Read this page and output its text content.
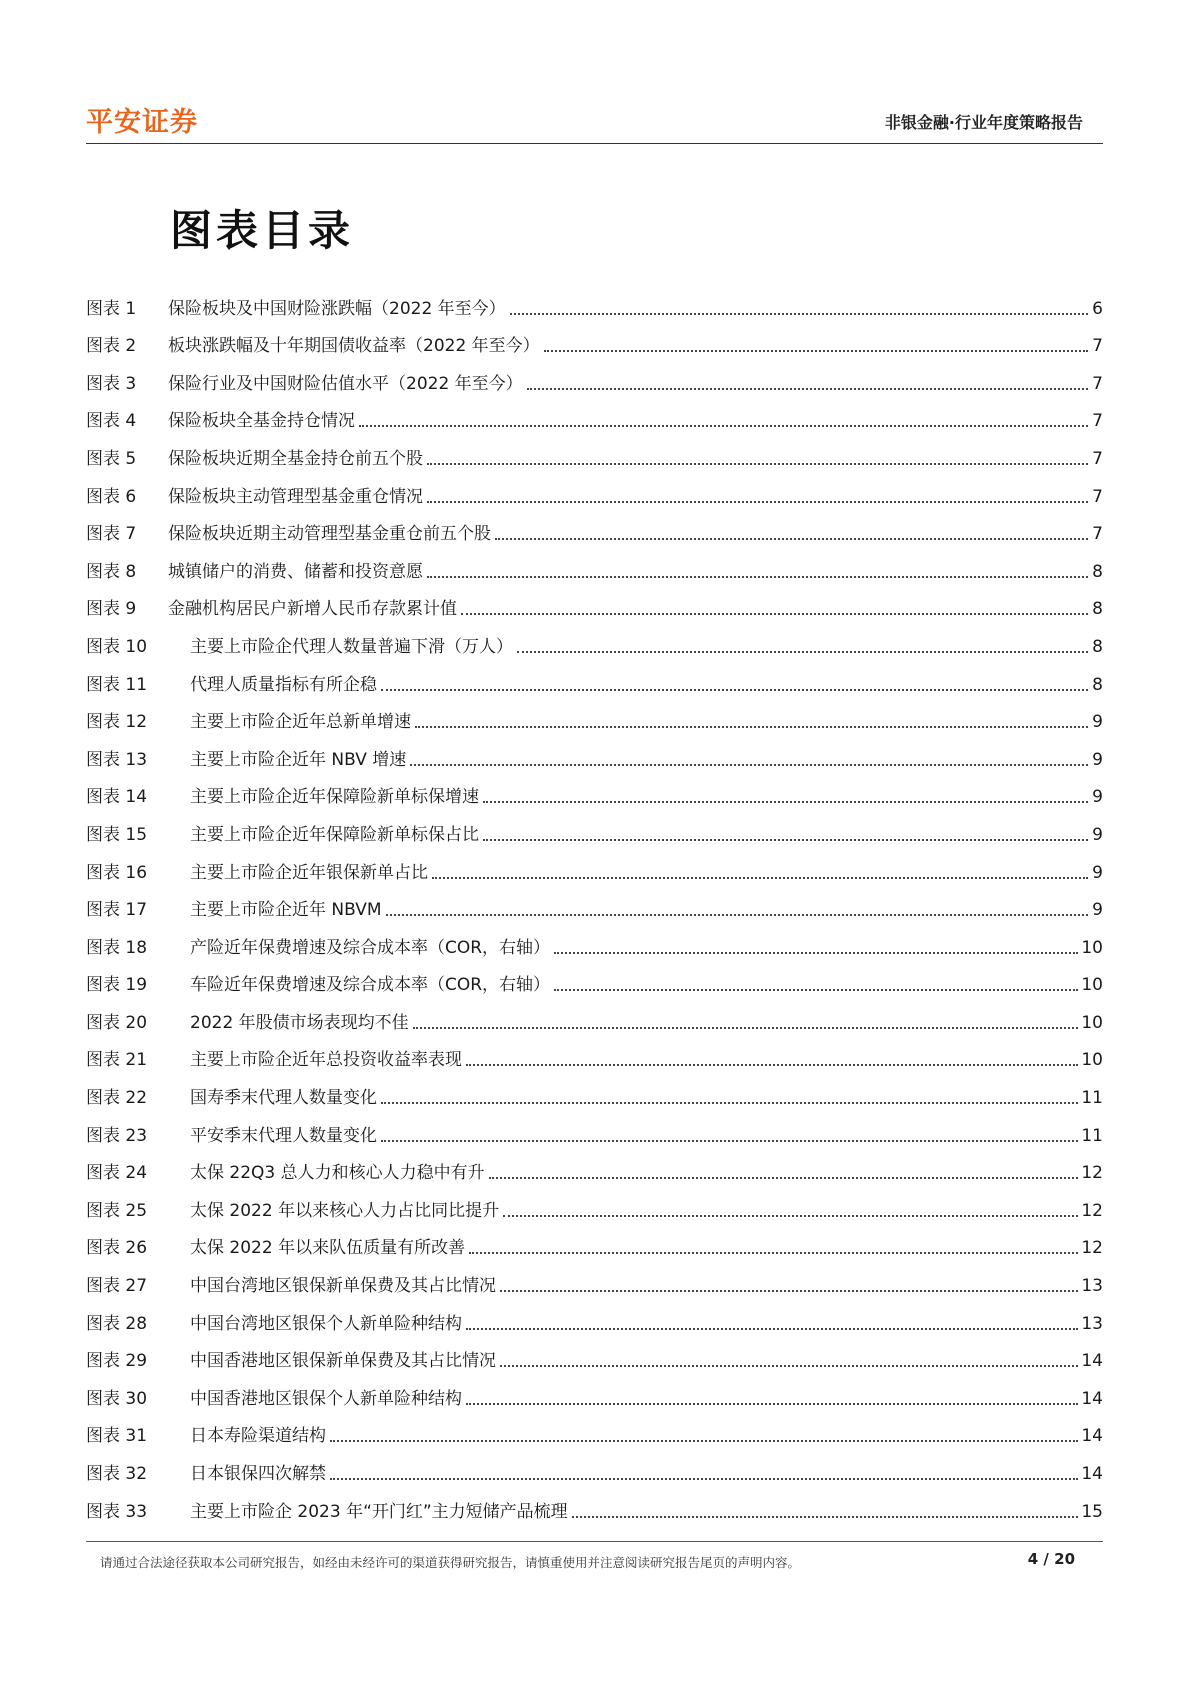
平安证券	非银金融·行业年度策略报告
图表目录
图表 1	保险板块及中国财险涨跌幅（2022 年至今）	6
图表 2	板块涨跌幅及十年期国债收益率（2022 年至今）	7
图表 3	保险行业及中国财险估值水平（2022 年至今）	7
图表 4	保险板块全基金持仓情况	7
图表 5	保险板块近期全基金持仓前五个股	7
图表 6	保险板块主动管理型基金重仓情况	7
图表 7	保险板块近期主动管理型基金重仓前五个股	7
图表 8	城镇储户的消费、储蓄和投资意愿	8
图表 9	金融机构居民户新增人民币存款累计值	8
图表 10	主要上市险企代理人数量普遍下滑（万人）	8
图表 11	代理人质量指标有所企稳	8
图表 12	主要上市险企近年总新单增速	9
图表 13	主要上市险企近年 NBV 增速	9
图表 14	主要上市险企近年保障险新单标保增速	9
图表 15	主要上市险企近年保障险新单标保占比	9
图表 16	主要上市险企近年银保新单占比	9
图表 17	主要上市险企近年 NBVM	9
图表 18	产险近年保费增速及综合成本率（COR，右轴）	10
图表 19	车险近年保费增速及综合成本率（COR，右轴）	10
图表 20	2022 年股债市场表现均不佳	10
图表 21	主要上市险企近年总投资收益率表现	10
图表 22	国寿季末代理人数量变化	11
图表 23	平安季末代理人数量变化	11
图表 24	太保 22Q3 总人力和核心人力稳中有升	12
图表 25	太保 2022 年以来核心人力占比同比提升	12
图表 26	太保 2022 年以来队伍质量有所改善	12
图表 27	中国台湾地区银保新单保费及其占比情况	13
图表 28	中国台湾地区银保个人新单险种结构	13
图表 29	中国香港地区银保新单保费及其占比情况	14
图表 30	中国香港地区银保个人新单险种结构	14
图表 31	日本寿险渠道结构	14
图表 32	日本银保四次解禁	14
图表 33	主要上市险企 2023 年“开门红”主力短储产品梳理	15
请通过合法途径获取本公司研究报告，如经由未经许可的渠道获得研究报告，请慎重使用并注意阅读研究报告尾页的声明内容。	4 / 20
